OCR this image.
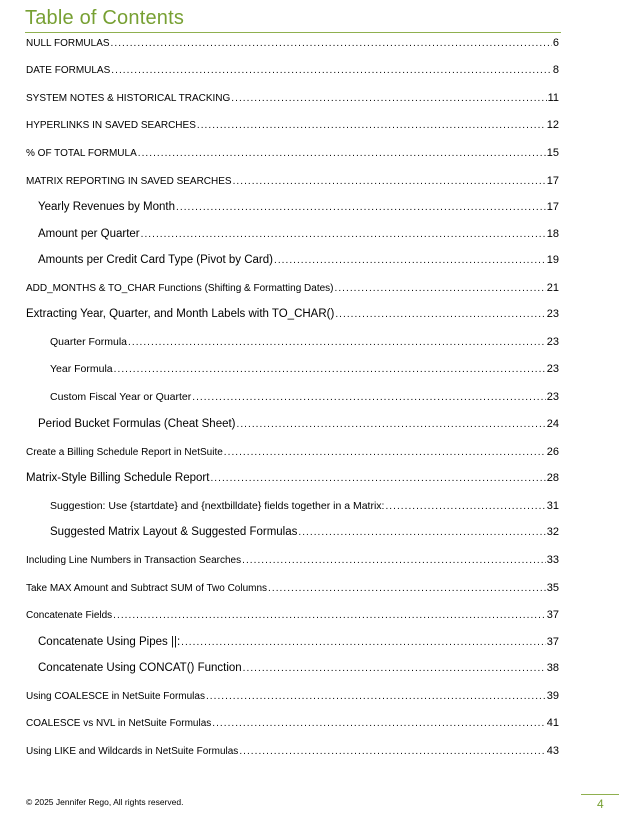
Table of Contents
NULL FORMULAS .....	6
DATE FORMULAS .....	8
SYSTEM NOTES & HISTORICAL TRACKING .....	11
HYPERLINKS IN SAVED SEARCHES .....	12
% OF TOTAL FORMULA .....	15
MATRIX REPORTING IN SAVED SEARCHES .....	17
Yearly Revenues by Month .....	17
Amount per Quarter .....	18
Amounts per Credit Card Type (Pivot by Card) .....	19
ADD_MONTHS & TO_CHAR Functions (Shifting & Formatting Dates) .....	21
Extracting Year, Quarter, and Month Labels with TO_CHAR() .....	23
Quarter Formula .....	23
Year Formula .....	23
Custom Fiscal Year or Quarter .....	23
Period Bucket Formulas (Cheat Sheet) .....	24
Create a Billing Schedule Report in NetSuite .....	26
Matrix-Style Billing Schedule Report .....	28
Suggestion: Use {startdate} and {nextbilldate} fields together in a Matrix: .....	31
Suggested Matrix Layout & Suggested Formulas .....	32
Including Line Numbers in Transaction Searches .....	33
Take MAX Amount and Subtract SUM of Two Columns .....	35
Concatenate Fields .....	37
Concatenate Using Pipes ||: .....	37
Concatenate Using CONCAT() Function .....	38
Using COALESCE in NetSuite Formulas .....	39
COALESCE vs NVL in NetSuite Formulas .....	41
Using LIKE and Wildcards in NetSuite Formulas .....	43
© 2025 Jennifer Rego, All rights reserved.	4
